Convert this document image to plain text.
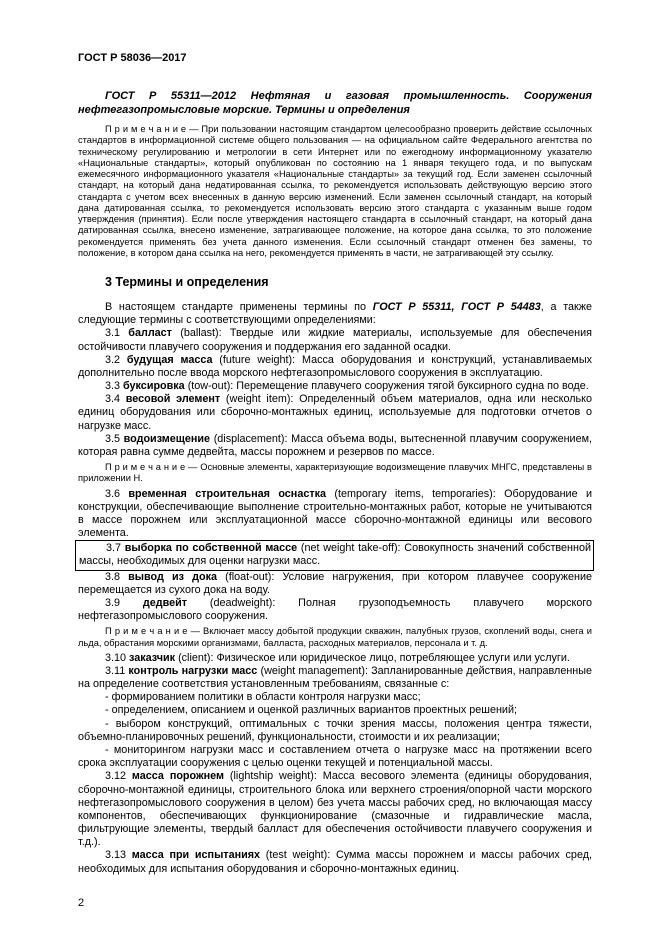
ГОСТ Р 58036—2017

ГОСТ Р 55311—2012 Нефтяная и газовая промышленность. Сооружения нефтегазопромысловые морские. Термины и определения

П р и м е ч а н и е — При пользовании настоящим стандартом целесообразно проверить действие ссылочных стандартов в информационной системе общего пользования — на официальном сайте Федерального агентства по техническому регулированию и метрологии в сети Интернет или по ежегодному информационному указателю «Национальные стандарты», который опубликован по состоянию на 1 января текущего года, и по выпускам ежемесячного информационного указателя «Национальные стандарты» за текущий год. Если заменен ссылочный стандарт, на который дана недатированная ссылка, то рекомендуется использовать действующую версию этого стандарта с учетом всех внесенных в данную версию изменений. Если заменен ссылочный стандарт, на который дана датированная ссылка, то рекомендуется использовать версию этого стандарта с указанным выше годом утверждения (принятия). Если после утверждения настоящего стандарта в ссылочный стандарт, на который дана датированная ссылка, внесено изменение, затрагивающее положение, на которое дана ссылка, то это положение рекомендуется применять без учета данного изменения. Если ссылочный стандарт отменен без замены, то положение, в котором дана ссылка на него, рекомендуется применять в части, не затрагивающей эту ссылку.

3 Термины и определения

В настоящем стандарте применены термины по ГОСТ Р 55311, ГОСТ Р 54483, а также следующие термины с соответствующими определениями:

3.1 балласт (ballast): Твердые или жидкие материалы, используемые для обеспечения остойчивости плавучего сооружения и поддержания его заданной осадки.

3.2 будущая масса (future weight): Масса оборудования и конструкций, устанавливаемых дополнительно после ввода морского нефтегазопромыслового сооружения в эксплуатацию.

3.3 буксировка (tow-out): Перемещение плавучего сооружения тягой буксирного судна по воде.

3.4 весовой элемент (weight item): Определенный объем материалов, одна или несколько единиц оборудования или сборочно-монтажных единиц, используемые для подготовки отчетов о нагрузке масс.

3.5 водоизмещение (displacement): Масса объема воды, вытесненной плавучим сооружением, которая равна сумме дедвейта, массы порожнем и резервов по массе.

П р и м е ч а н и е — Основные элементы, характеризующие водоизмещение плавучих МНГС, представлены в приложении Н.

3.6 временная строительная оснастка (temporary items, temporaries): Оборудование и конструкции, обеспечивающие выполнение строительно-монтажных работ, которые не учитываются в массе порожнем или эксплуатационной массе сборочно-монтажной единицы или весового элемента.

3.7 выборка по собственной массе (net weight take-off): Совокупность значений собственной массы, необходимых для оценки нагрузки масс.

3.8 вывод из дока (float-out): Условие нагружения, при котором плавучее сооружение перемещается из сухого дока на воду.

3.9 дедвейт (deadweight): Полная грузоподъемность плавучего морского нефтегазопромыслового сооружения.

П р и м е ч а н и е — Включает массу добытой продукции скважин, палубных грузов, скоплений воды, снега и льда, обрастания морскими организмами, балласта, расходных материалов, персонала и т. д.

3.10 заказчик (client): Физическое или юридическое лицо, потребляющее услуги или услуги.

3.11 контроль нагрузки масс (weight management): Запланированные действия, направленные на определение соответствия установленным требованиям, связанные с:

- формированием политики в области контроля нагрузки масс;

- определением, описанием и оценкой различных вариантов проектных решений;

- выбором конструкций, оптимальных с точки зрения массы, положения центра тяжести, объемно-планировочных решений, функциональности, стоимости и их реализации;

- мониторингом нагрузки масс и составлением отчета о нагрузке масс на протяжении всего срока эксплуатации сооружения с целью оценки текущей и потенциальной массы.

3.12 масса порожнем (lightship weight): Масса весового элемента (единицы оборудования, сборочно-монтажной единицы, строительного блока или верхнего строения/опорной части морского нефтегазопромыслового сооружения в целом) без учета массы рабочих сред, но включающая массу компонентов, обеспечивающих функционирование (смазочные и гидравлические масла, фильтрующие элементы, твердый балласт для обеспечения остойчивости плавучего сооружения и т.д.).

3.13 масса при испытаниях (test weight): Сумма массы порожнем и массы рабочих сред, необходимых для испытания оборудования и сборочно-монтажных единиц.

2
